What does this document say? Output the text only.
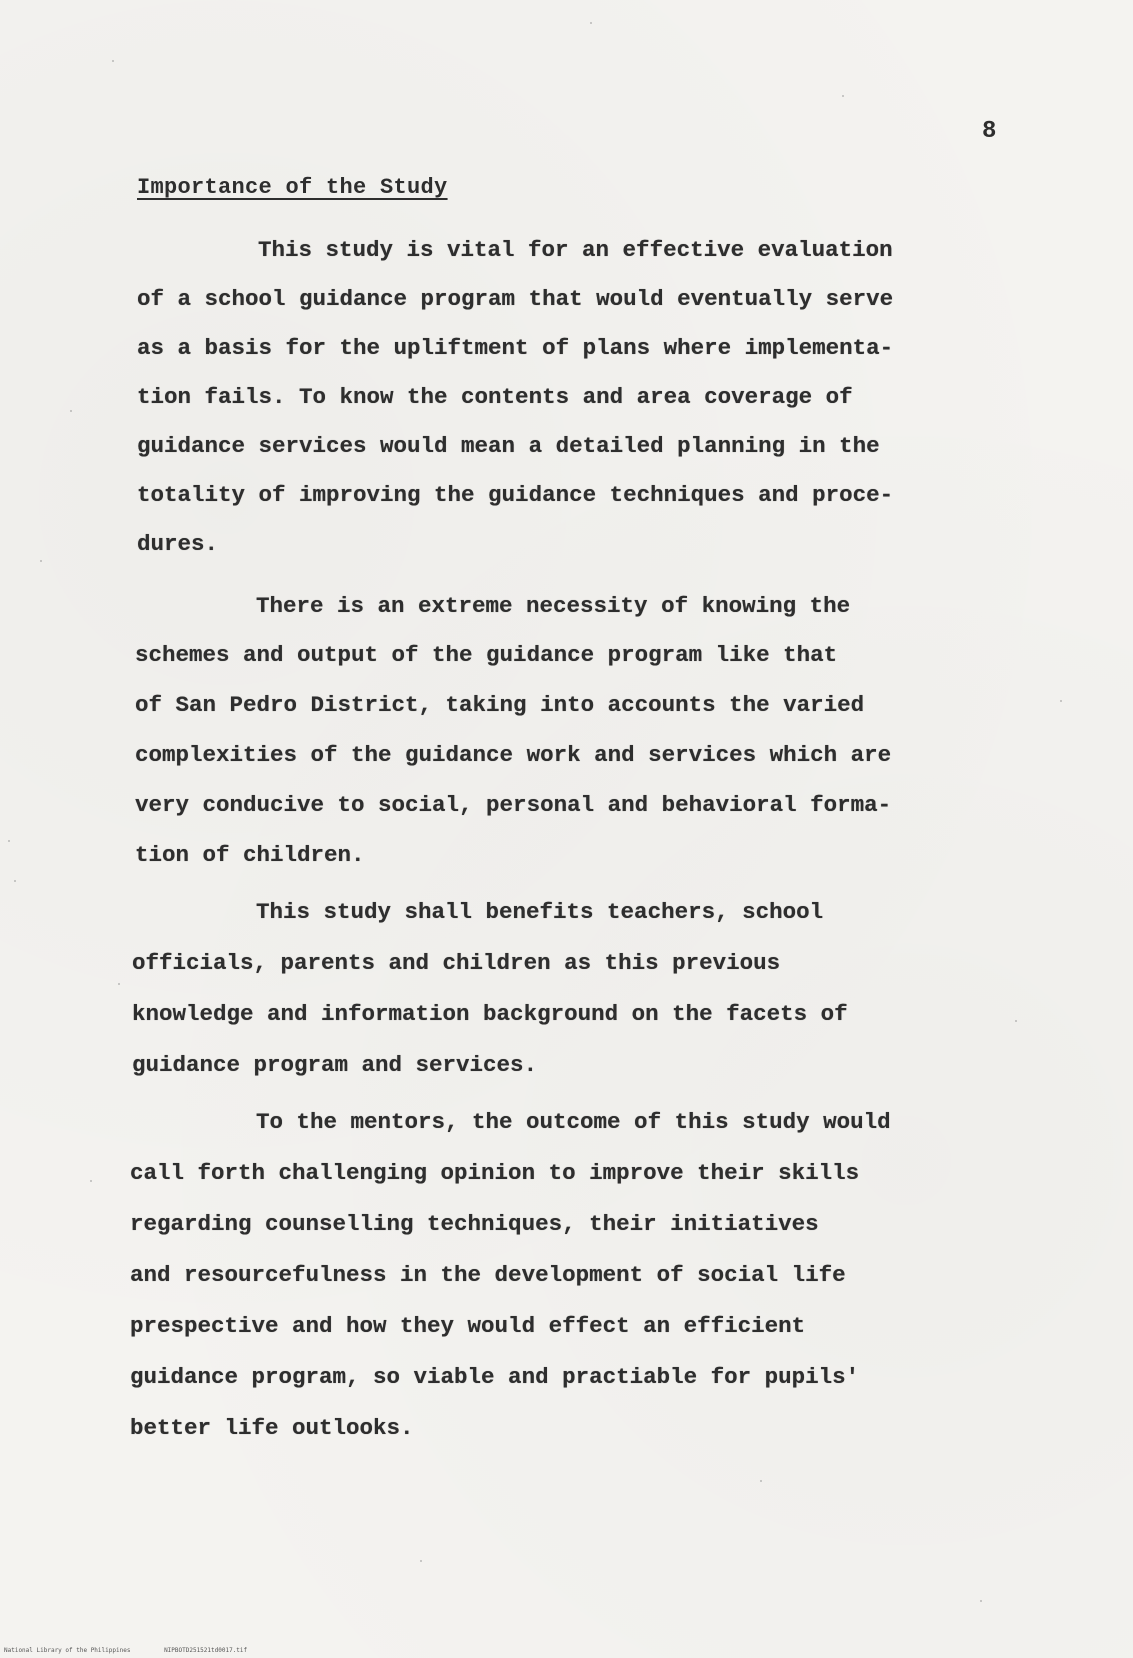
8
Importance of the Study
This study is vital for an effective evaluation
of a school guidance program that would eventually serve
as a basis for the upliftment of plans where implementa-
tion fails. To know the contents and area coverage of
guidance services would mean a detailed planning in the
totality of improving the guidance techniques and proce-
dures.
There is an extreme necessity of knowing the
schemes and output of the guidance program like that
of San Pedro District, taking into accounts the varied
complexities of the guidance work and services which are
very conducive to social, personal and behavioral forma-
tion of children.
This study shall benefits teachers, school
officials, parents and children as this previous
knowledge and information background on the facets of
guidance program and services.
To the mentors, the outcome of this study would
call forth challenging opinion to improve their skills
regarding counselling techniques, their initiatives
and resourcefulness in the development of social life
prespective and how they would effect an efficient
guidance program, so viable and practiable for pupils'
better life outlooks.
National Library of the Philippines	NIPBOTD251521td0017.tif
